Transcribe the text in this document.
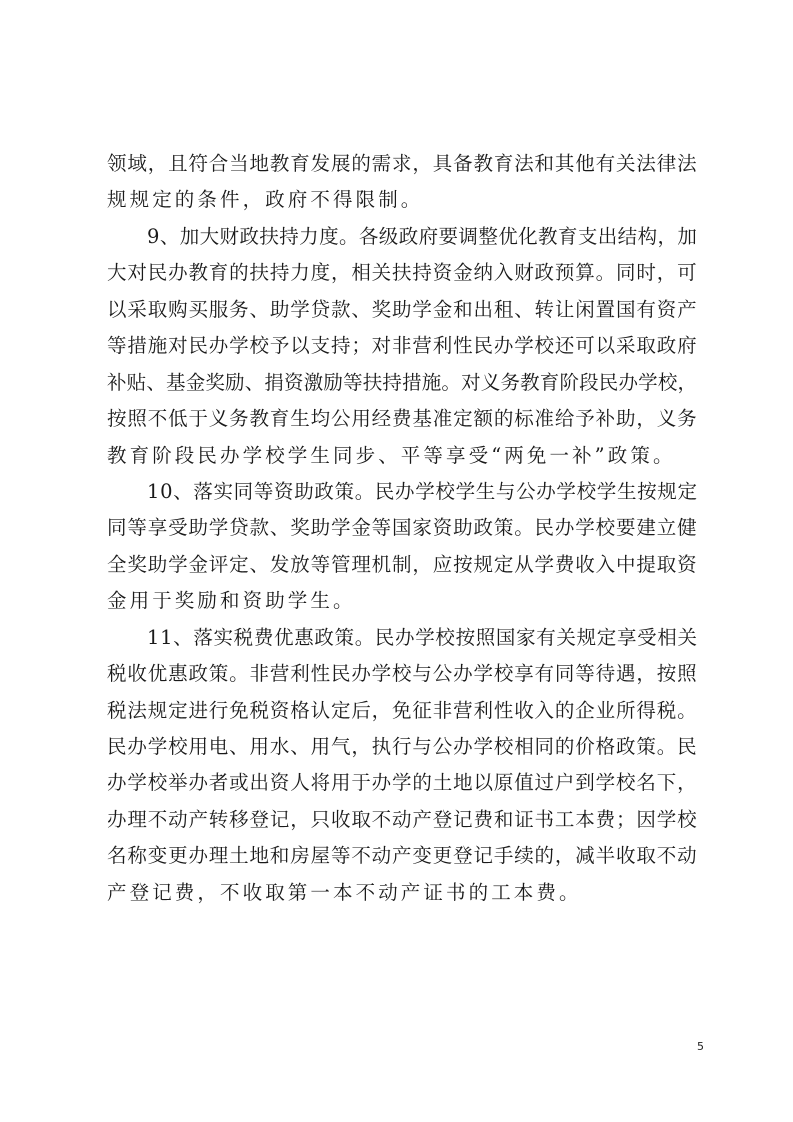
领 域 ， 且 符 合 当 地 教 育 发 展 的 需 求 ， 具 备 教 育 法 和 其 他 有 关 法 律 法
规规定的条件，政府不得限制。
9 、 加 大 财 政 扶 持 力 度 。 各 级 政 府 要 调 整 优 化 教 育 支 出 结 构 ， 加
大 对 民 办 教 育 的 扶 持 力 度 ， 相 关 扶 持 资 金 纳 入 财 政 预 算 。 同 时 ， 可
以 采 取 购 买 服 务 、 助 学 贷 款 、 奖 助 学 金 和 出 租 、 转 让 闲 置 国 有 资 产
等 措 施 对 民 办 学 校 予 以 支 持 ； 对 非 营 利 性 民 办 学 校 还 可 以 采 取 政 府
补 贴 、 基 金 奖 励 、 捐 资 激 励 等 扶 持 措 施 。 对 义 务 教 育 阶 段 民 办 学 校 ，
按 照 不 低 于 义 务 教 育 生 均 公 用 经 费 基 准 定 额 的 标 准 给 予 补 助 ， 义 务
教育阶段民办学校学生同步、平等享受“两免一补”政策。
1 0 、 落 实 同 等 资 助 政 策 。 民 办 学 校 学 生 与 公 办 学 校 学 生 按 规 定
同 等 享 受 助 学 贷 款 、 奖 助 学 金 等 国 家 资 助 政 策 。 民 办 学 校 要 建 立 健
全 奖 助 学 金 评 定 、 发 放 等 管 理 机 制 ， 应 按 规 定 从 学 费 收 入 中 提 取 资
金用于奖励和资助学生。
1 1 、 落 实 税 费 优 惠 政 策 。 民 办 学 校 按 照 国 家 有 关 规 定 享 受 相 关
税 收 优 惠 政 策 。 非 营 利 性 民 办 学 校 与 公 办 学 校 享 有 同 等 待 遇 ， 按 照
税 法 规 定 进 行 免 税 资 格 认 定 后 ， 免 征 非 营 利 性 收 入 的 企 业 所 得 税 。
民 办 学 校 用 电 、 用 水 、 用 气 ， 执 行 与 公 办 学 校 相 同 的 价 格 政 策 。 民
办 学 校 举 办 者 或 出 资 人 将 用 于 办 学 的 土 地 以 原 值 过 户 到 学 校 名 下 ，
办 理 不 动 产 转 移 登 记 ， 只 收 取 不 动 产 登 记 费 和 证 书 工 本 费 ； 因 学 校
名 称 变 更 办 理 土 地 和 房 屋 等 不 动 产 变 更 登 记 手 续 的 ， 减 半 收 取 不 动
产登记费，不收取第一本不动产证书的工本费。
5
